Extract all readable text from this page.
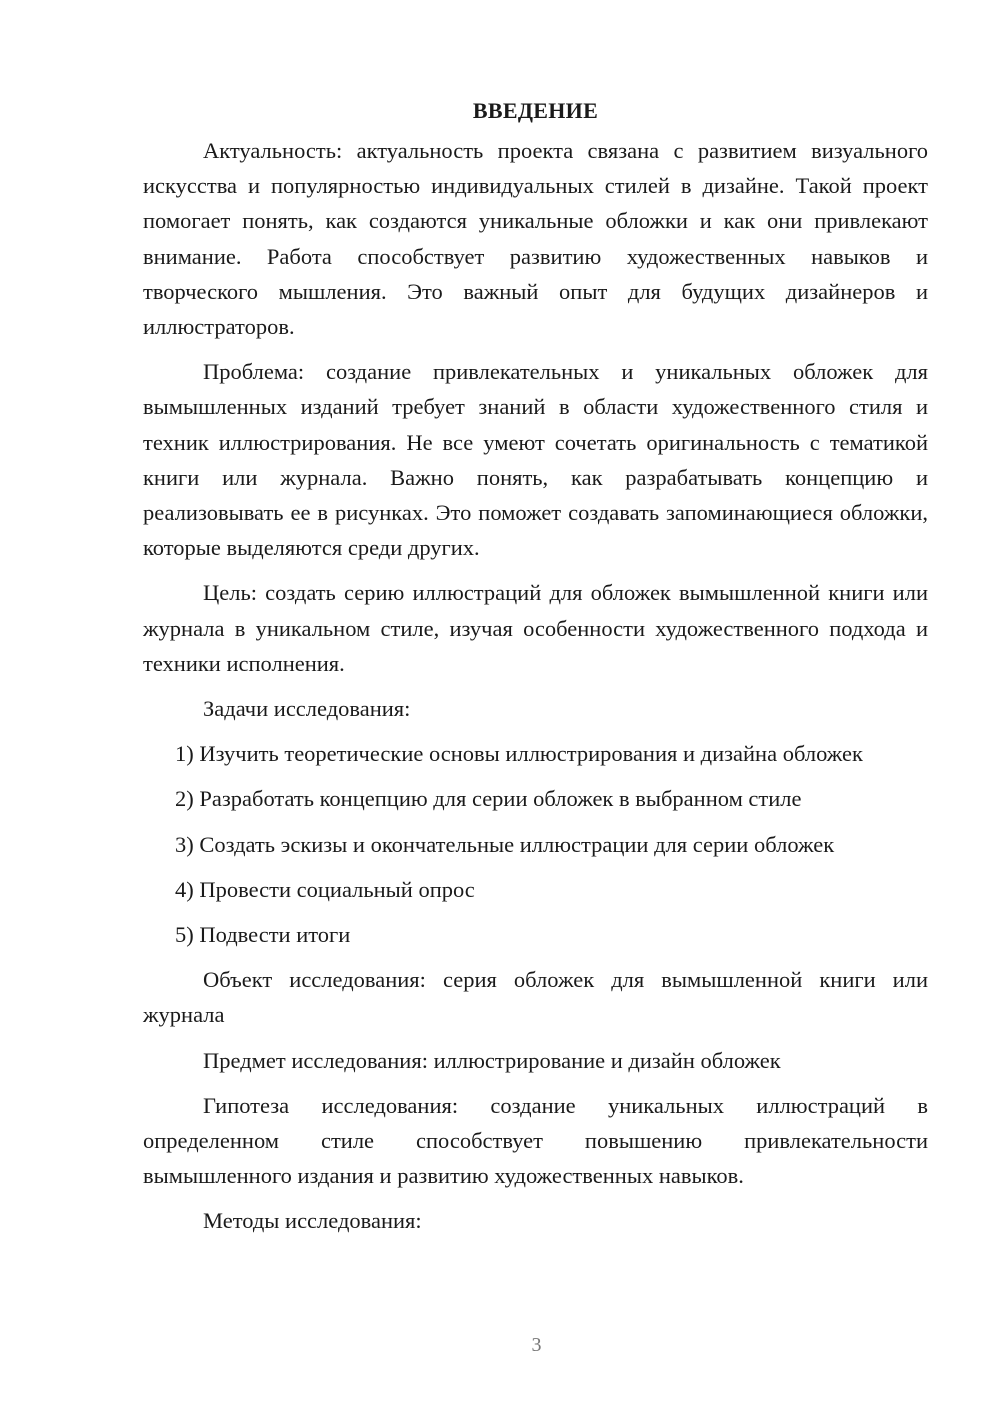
ВВЕДЕНИЕ
Актуальность: актуальность проекта связана с развитием визуального искусства и популярностью индивидуальных стилей в дизайне. Такой проект помогает понять, как создаются уникальные обложки и как они привлекают внимание. Работа способствует развитию художественных навыков и творческого мышления. Это важный опыт для будущих дизайнеров и иллюстраторов.
Проблема: создание привлекательных и уникальных обложек для вымышленных изданий требует знаний в области художественного стиля и техник иллюстрирования. Не все умеют сочетать оригинальность с тематикой книги или журнала. Важно понять, как разрабатывать концепцию и реализовывать ее в рисунках. Это поможет создавать запоминающиеся обложки, которые выделяются среди других.
Цель: создать серию иллюстраций для обложек вымышленной книги или журнала в уникальном стиле, изучая особенности художественного подхода и техники исполнения.
Задачи исследования:
1) Изучить теоретические основы иллюстрирования и дизайна обложек
2) Разработать концепцию для серии обложек в выбранном стиле
3) Создать эскизы и окончательные иллюстрации для серии обложек
4) Провести социальный опрос
5) Подвести итоги
Объект исследования: серия обложек для вымышленной книги или журнала
Предмет исследования: иллюстрирование и дизайн обложек
Гипотеза исследования: создание уникальных иллюстраций в определенном стиле способствует повышению привлекательности вымышленного издания и развитию художественных навыков.
Методы исследования:
3
